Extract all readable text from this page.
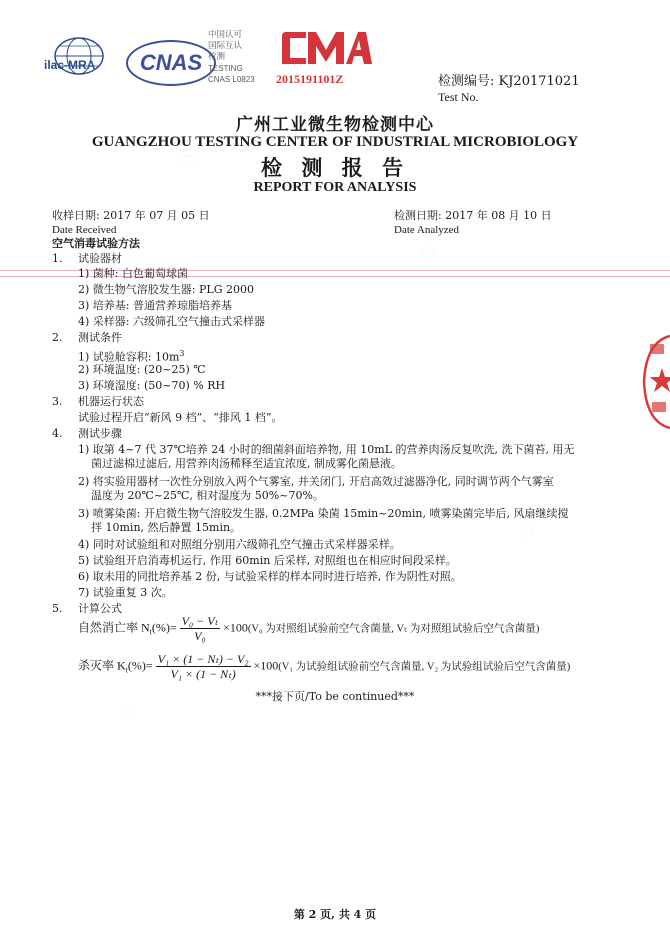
◌
◌
◌
◌
ilac-MRA CNAS
中国认可
国际互认
检测
TESTING
CNAS L0823	2015191101Z	检测编号: KJ20171021
Test No.
广州工业微生物检测中心
GUANGZHOU TESTING CENTER OF INDUSTRIAL MICROBIOLOGY
检 测 报 告
REPORT FOR ANALYSIS
收样日期: 2017 年 07 月 05 日
Date Received
检测日期: 2017 年 08 月 10 日
Date Analyzed
空气消毒试验方法
1. 试验器材
1) 菌种: 白色葡萄球菌
2) 微生物气溶胶发生器: PLG 2000
3) 培养基: 普通营养琼脂培养基
4) 采样器: 六级筛孔空气撞击式采样器
2. 测试条件
1) 试验舱容积: $10m^3$
2) 环境温度: (20~25) ℃
3) 环境湿度: (50~70) % RH
3. 机器运行状态
试验过程开启“新风 9 档”、“排风 1 档”。
4. 测试步骤
1) 取第 4~7 代 37℃培养 24 小时的细菌斜面培养物, 用 10mL 的营养肉汤反复吹洗, 洗下菌苔, 用无
菌过滤棉过滤后, 用营养肉汤稀释至适宜浓度, 制成雾化菌悬液。
2) 将实验用器材一次性分别放入两个气雾室, 并关闭门, 开启高效过滤器净化, 同时调节两个气雾室
温度为 20℃~25℃, 相对湿度为 50%~70%。
3) 喷雾染菌: 开启微生物气溶胶发生器, 0.2MPa 染菌 15min~20min, 喷雾染菌完毕后, 风扇继续搅
拌 10min, 然后静置 15min。
4) 同时对试验组和对照组分别用六级筛孔空气撞击式采样器采样。
5) 试验组开启消毒机运行, 作用 60min 后采样, 对照组也在相应时间段采样。
6) 取未用的同批培养基 2 份, 与试验采样的样本同时进行培养, 作为阴性对照。
7) 试验重复 3 次。
5. 计算公式
自然消亡率 $N_t(\%)= \frac{\text{V₀ − Vₜ}}{\text{V₀}} \times 100(V_0$ 为对照组试验前空气含菌量, Vₜ 为对照组试验后空气含菌量)
杀灭率 $K_t(\%)= \frac{\text{V₁ × (1 − Nₜ) − V₂}}{\text{V₁ × (1 − Nₜ)}} \times 100(V_1$ 为试验组试验前空气含菌量, V₂ 为试验组试验后空气含菌量)
***接下页/To be continued***
第 2 页, 共 4 页
